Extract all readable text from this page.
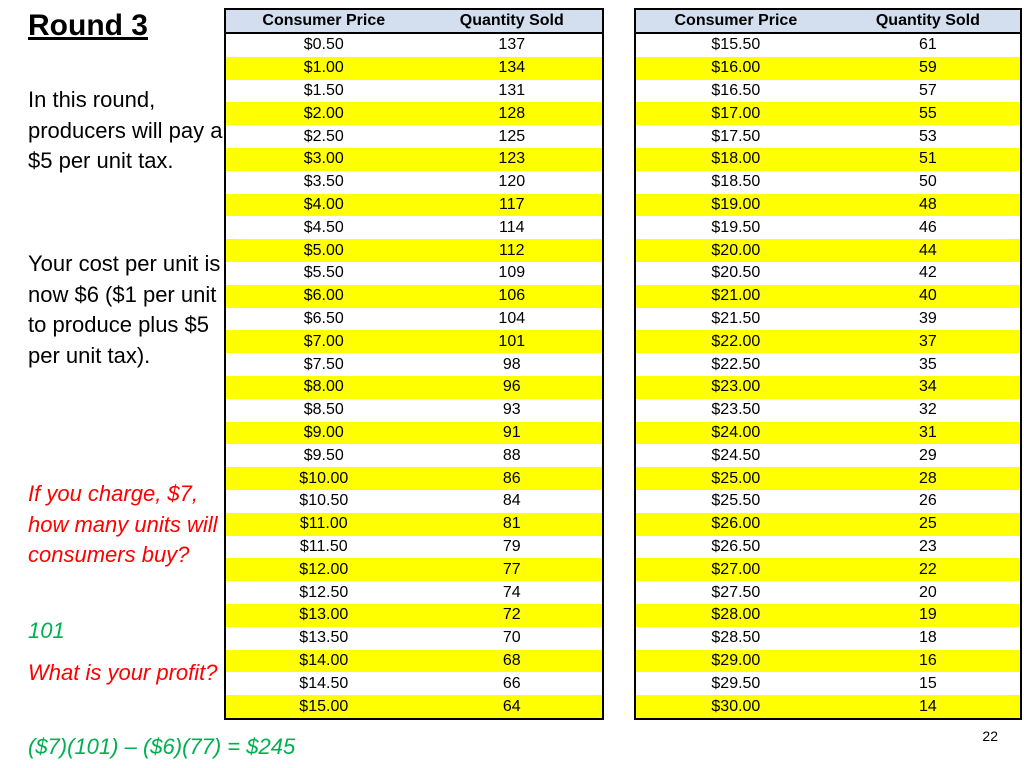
Round 3

In this round, producers will pay a $5 per unit tax.

Your cost per unit is now $6 ($1 per unit to produce plus $5 per unit tax).

If you charge, $7, how many units will consumers buy?

101

What is your profit?

($7)(101) – ($6)(77) = $245

Consumer Price	Quantity Sold
$0.50	137
$1.00	134
$1.50	131
$2.00	128
$2.50	125
$3.00	123
$3.50	120
$4.00	117
$4.50	114
$5.00	112
$5.50	109
$6.00	106
$6.50	104
$7.00	101
$7.50	98
$8.00	96
$8.50	93
$9.00	91
$9.50	88
$10.00	86
$10.50	84
$11.00	81
$11.50	79
$12.00	77
$12.50	74
$13.00	72
$13.50	70
$14.00	68
$14.50	66
$15.00	64
Consumer Price	Quantity Sold
$15.50	61
$16.00	59
$16.50	57
$17.00	55
$17.50	53
$18.00	51
$18.50	50
$19.00	48
$19.50	46
$20.00	44
$20.50	42
$21.00	40
$21.50	39
$22.00	37
$22.50	35
$23.00	34
$23.50	32
$24.00	31
$24.50	29
$25.00	28
$25.50	26
$26.00	25
$26.50	23
$27.00	22
$27.50	20
$28.00	19
$28.50	18
$29.00	16
$29.50	15
$30.00	14
22
